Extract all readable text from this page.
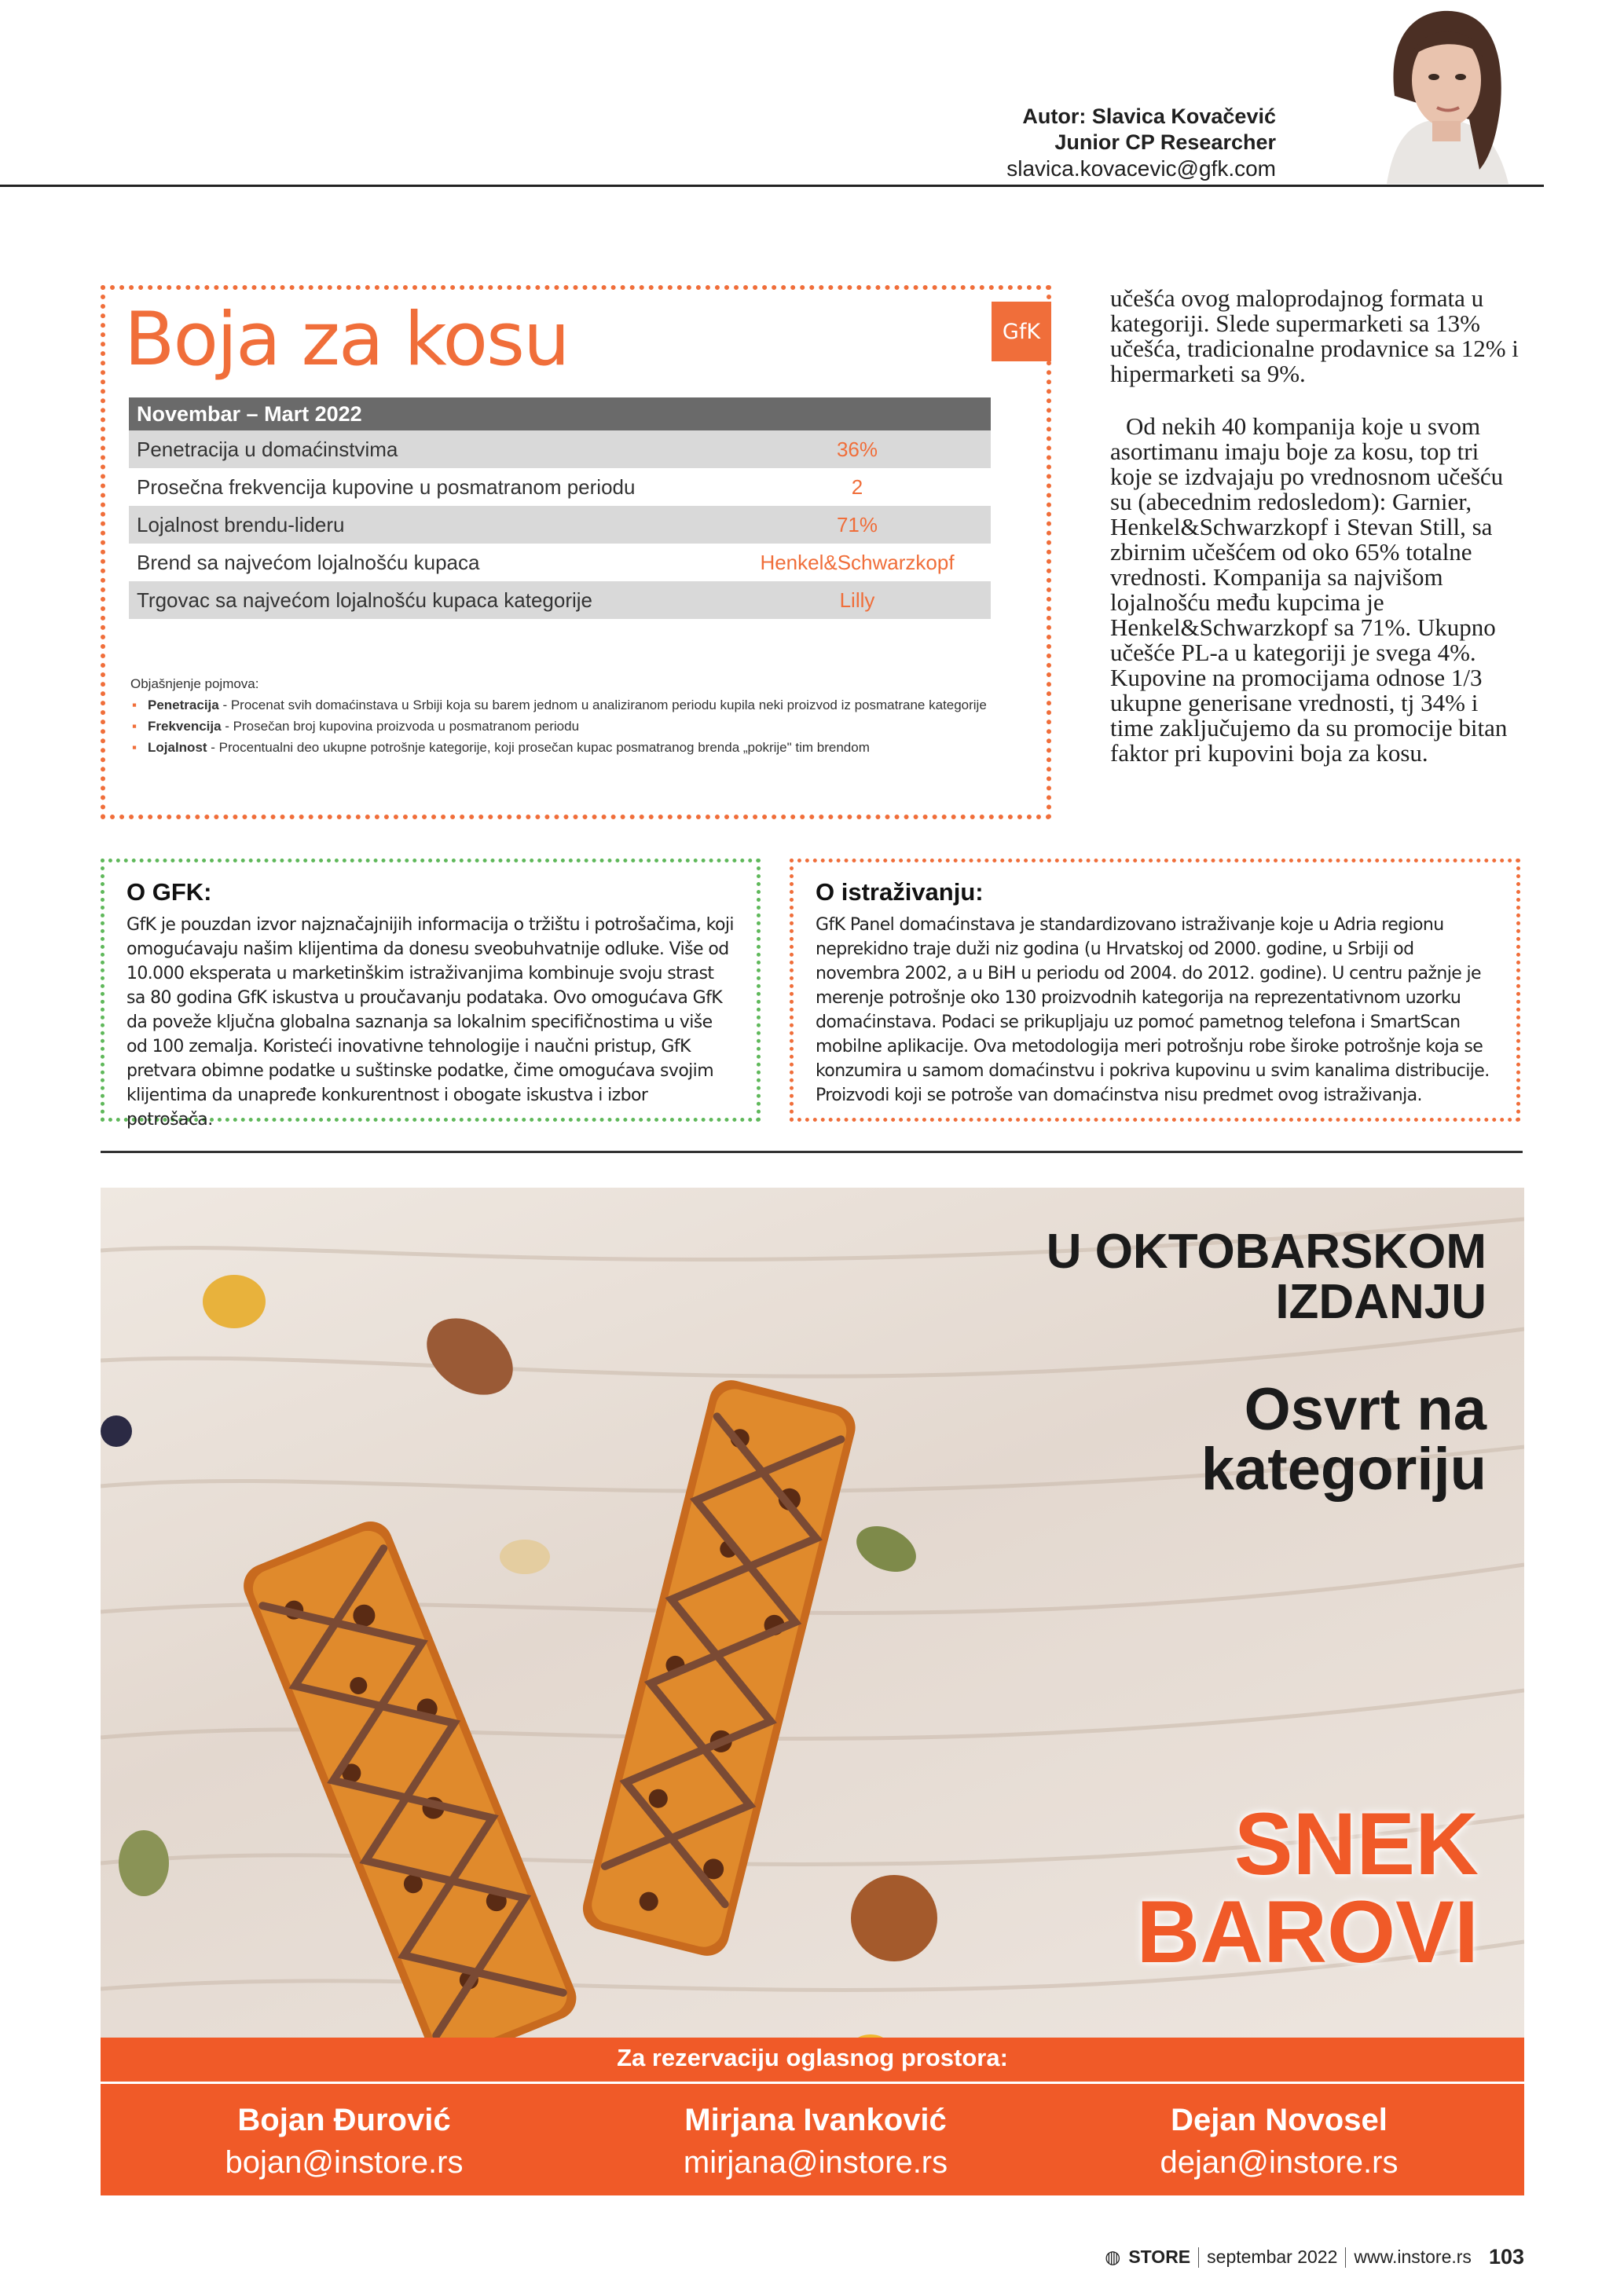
Autor: Slavica Kovačević
Junior CP Researcher
slavica.kovacevic@gfk.com
Boja za kosu	GfK
Novembar – Mart 2022	
Penetracija u domaćinstvima	36%
Prosečna frekvencija kupovine u posmatranom periodu	2
Lojalnost brendu-lideru	71%
Brend sa najvećom lojalnošću kupaca	Henkel&Schwarzkopf
Trgovac sa najvećom lojalnošću kupaca kategorije	Lilly
Objašnjenje pojmova:
▪ Penetracija - Procenat svih domaćinstava u Srbiji koja su barem jednom u analiziranom periodu kupila neki proizvod iz posmatrane kategorije
▪ Frekvencija - Prosečan broj kupovina proizvoda u posmatranom periodu
▪ Lojalnost - Procentualni deo ukupne potrošnje kategorije, koji prosečan kupac posmatranog brenda „pokrije" tim brendom

učešća ovog maloprodajnog formata u kategoriji. Slede supermarketi sa 13% učešća, tradicionalne prodavnice sa 12% i hipermarketi sa 9%.

Od nekih 40 kompanija koje u svom asortimanu imaju boje za kosu, top tri koje se izdvajaju po vrednosnom učešću su (abecednim redosledom): Garnier, Henkel&Schwarzkopf i Stevan Still, sa zbirnim učešćem od oko 65% totalne vrednosti. Kompanija sa najvišom lojalnošću među kupcima je Henkel&Schwarzkopf sa 71%. Ukupno učešće PL-a u kategoriji je svega 4%. Kupovine na promocijama odnose 1/3 ukupne generisane vrednosti, tj 34% i time zaključujemo da su promocije bitan faktor pri kupovini boja za kosu.

O GFK:

GfK je pouzdan izvor najznačajnijih informacija o tržištu i potrošačima, koji omogućavaju našim klijentima da donesu sveobuhvatnije odluke. Više od 10.000 eksperata u marketinškim istraživanjima kombinuje svoju strast sa 80 godina GfK iskustva u proučavanju podataka. Ovo omogućava GfK da poveže ključna globalna saznanja sa lokalnim specifičnostima u više od 100 zemalja. Koristeći inovativne tehnologije i naučni pristup, GfK pretvara obimne podatke u suštinske podatke, čime omogućava svojim klijentima da unapređe konkurentnost i obogate iskustva i izbor potrošača.

O istraživanju:

GfK Panel domaćinstava je standardizovano istraživanje koje u Adria regionu neprekidno traje duži niz godina (u Hrvatskoj od 2000. godine, u Srbiji od novembra 2002, a u BiH u periodu od 2004. do 2012. godine). U centru pažnje je merenje potrošnje oko 130 proizvodnih kategorija na reprezentativnom uzorku domaćinstava. Podaci se prikupljaju uz pomoć pametnog telefona i SmartScan mobilne aplikacije. Ova metodologija meri potrošnju robe široke potrošnje koja se konzumira u samom domaćinstvu i pokriva kupovinu u svim kanalima distribucije. Proizvodi koji se potroše van domaćinstva nisu predmet ovog istraživanja.

U OKTOBARSKOM
IZDANJU
Osvrt na
kategoriju
SNEK
BAROVI
Za rezervaciju oglasnog prostora:
Bojan Đurović
bojan@instore.rs
Mirjana Ivanković
mirjana@instore.rs
Dejan Novosel
dejan@instore.rs
◍ STORE septembar 2022 www.instore.rs 103
